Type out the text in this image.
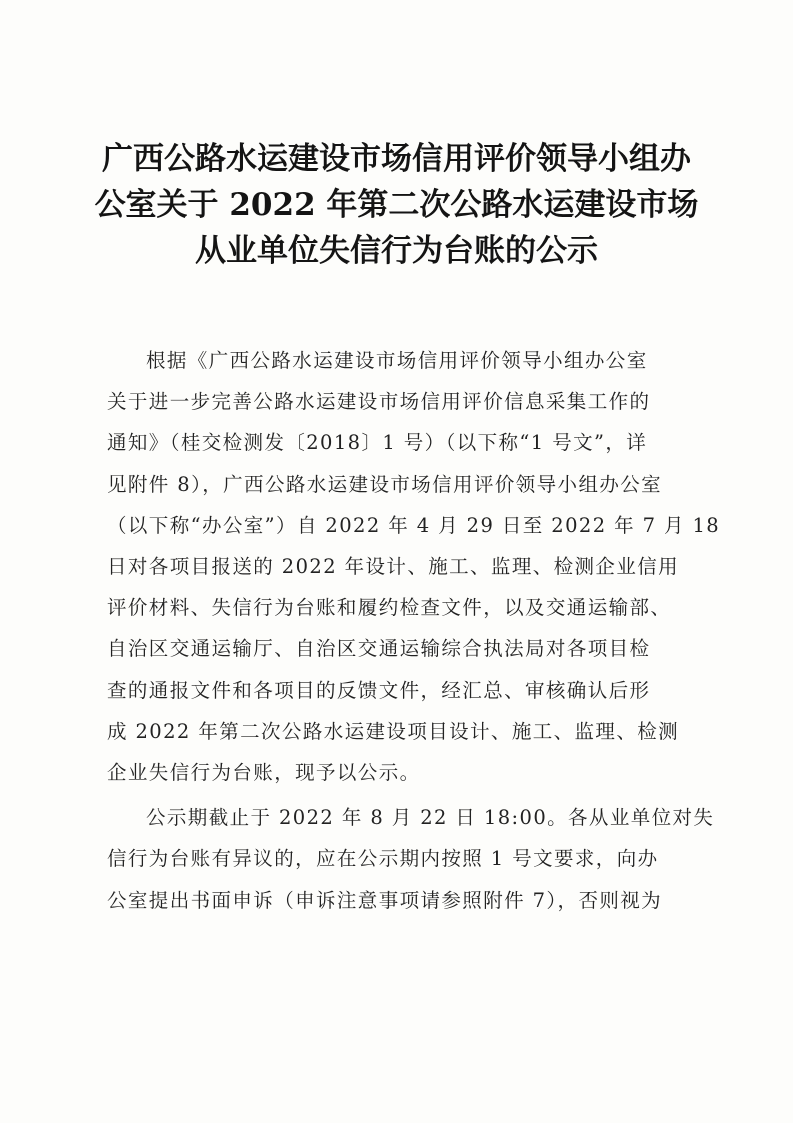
广西公路水运建设市场信用评价领导小组办
公室关于 2022 年第二次公路水运建设市场
从业单位失信行为台账的公示
根据《广西公路水运建设市场信用评价领导小组办公室
关于进一步完善公路水运建设市场信用评价信息采集工作的
通知》（桂交检测发〔2018〕1 号）（以下称“1 号文”，详
见附件 8），广西公路水运建设市场信用评价领导小组办公室
（以下称“办公室”）自 2022 年 4 月 29 日至 2022 年 7 月 18
日对各项目报送的 2022 年设计、施工、监理、检测企业信用
评价材料、失信行为台账和履约检查文件，以及交通运输部、
自治区交通运输厅、自治区交通运输综合执法局对各项目检
查的通报文件和各项目的反馈文件，经汇总、审核确认后形
成 2022 年第二次公路水运建设项目设计、施工、监理、检测
企业失信行为台账，现予以公示。
公示期截止于 2022 年 8 月 22 日 18:00。各从业单位对失
信行为台账有异议的，应在公示期内按照 1 号文要求，向办
公室提出书面申诉（申诉注意事项请参照附件 7），否则视为
